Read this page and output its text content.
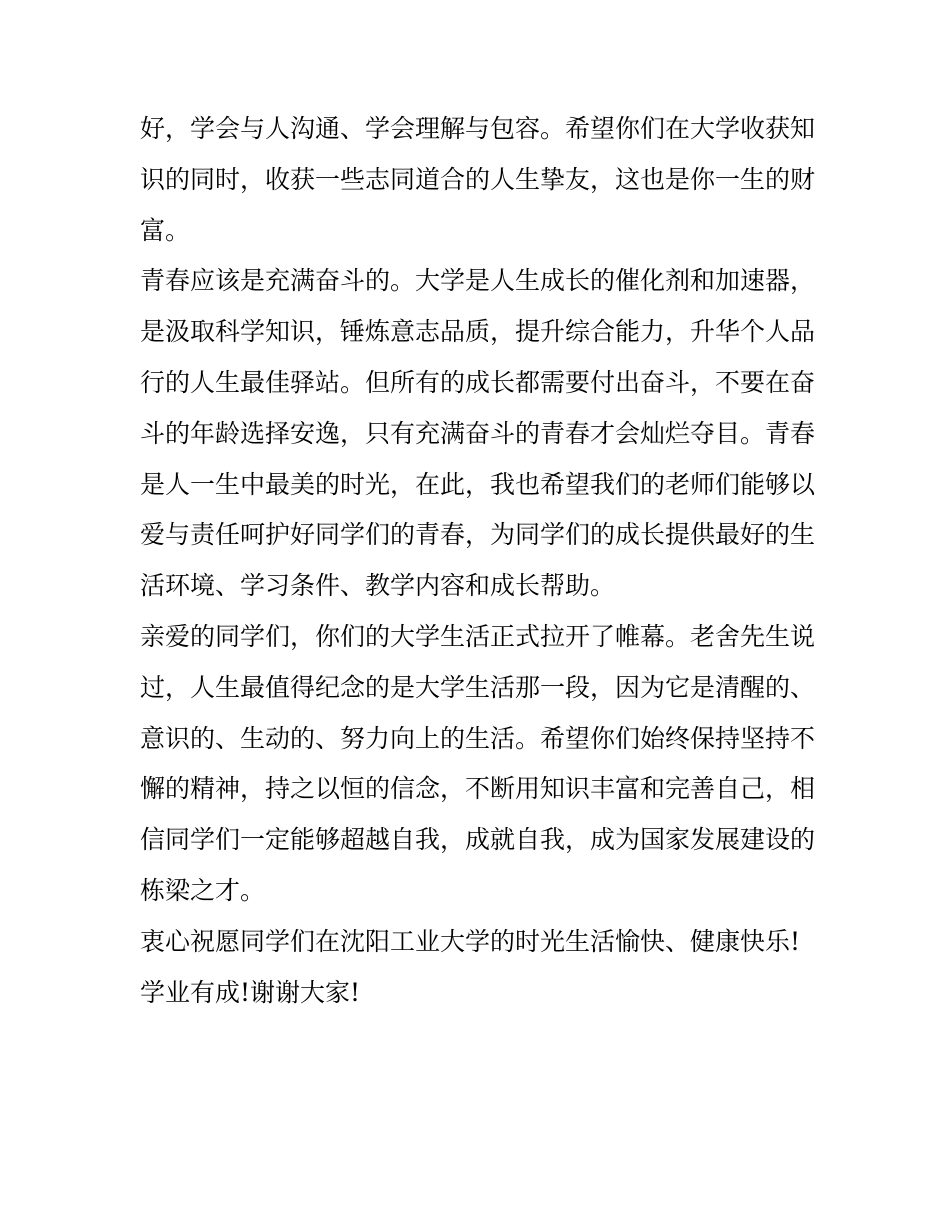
好，学会与人沟通、学会理解与包容。希望你们在大学收获知
识的同时，收获一些志同道合的人生挚友，这也是你一生的财
富。

青春应该是充满奋斗的。大学是人生成长的催化剂和加速器，
是汲取科学知识，锤炼意志品质，提升综合能力，升华个人品
行的人生最佳驿站。但所有的成长都需要付出奋斗，不要在奋
斗的年龄选择安逸，只有充满奋斗的青春才会灿烂夺目。青春
是人一生中最美的时光，在此，我也希望我们的老师们能够以
爱与责任呵护好同学们的青春，为同学们的成长提供最好的生
活环境、学习条件、教学内容和成长帮助。

亲爱的同学们，你们的大学生活正式拉开了帷幕。老舍先生说
过，人生最值得纪念的是大学生活那一段，因为它是清醒的、
意识的、生动的、努力向上的生活。希望你们始终保持坚持不
懈的精神，持之以恒的信念，不断用知识丰富和完善自己，相
信同学们一定能够超越自我，成就自我，成为国家发展建设的
栋梁之才。

衷心祝愿同学们在沈阳工业大学的时光生活愉快、健康快乐!
学业有成!谢谢大家!
